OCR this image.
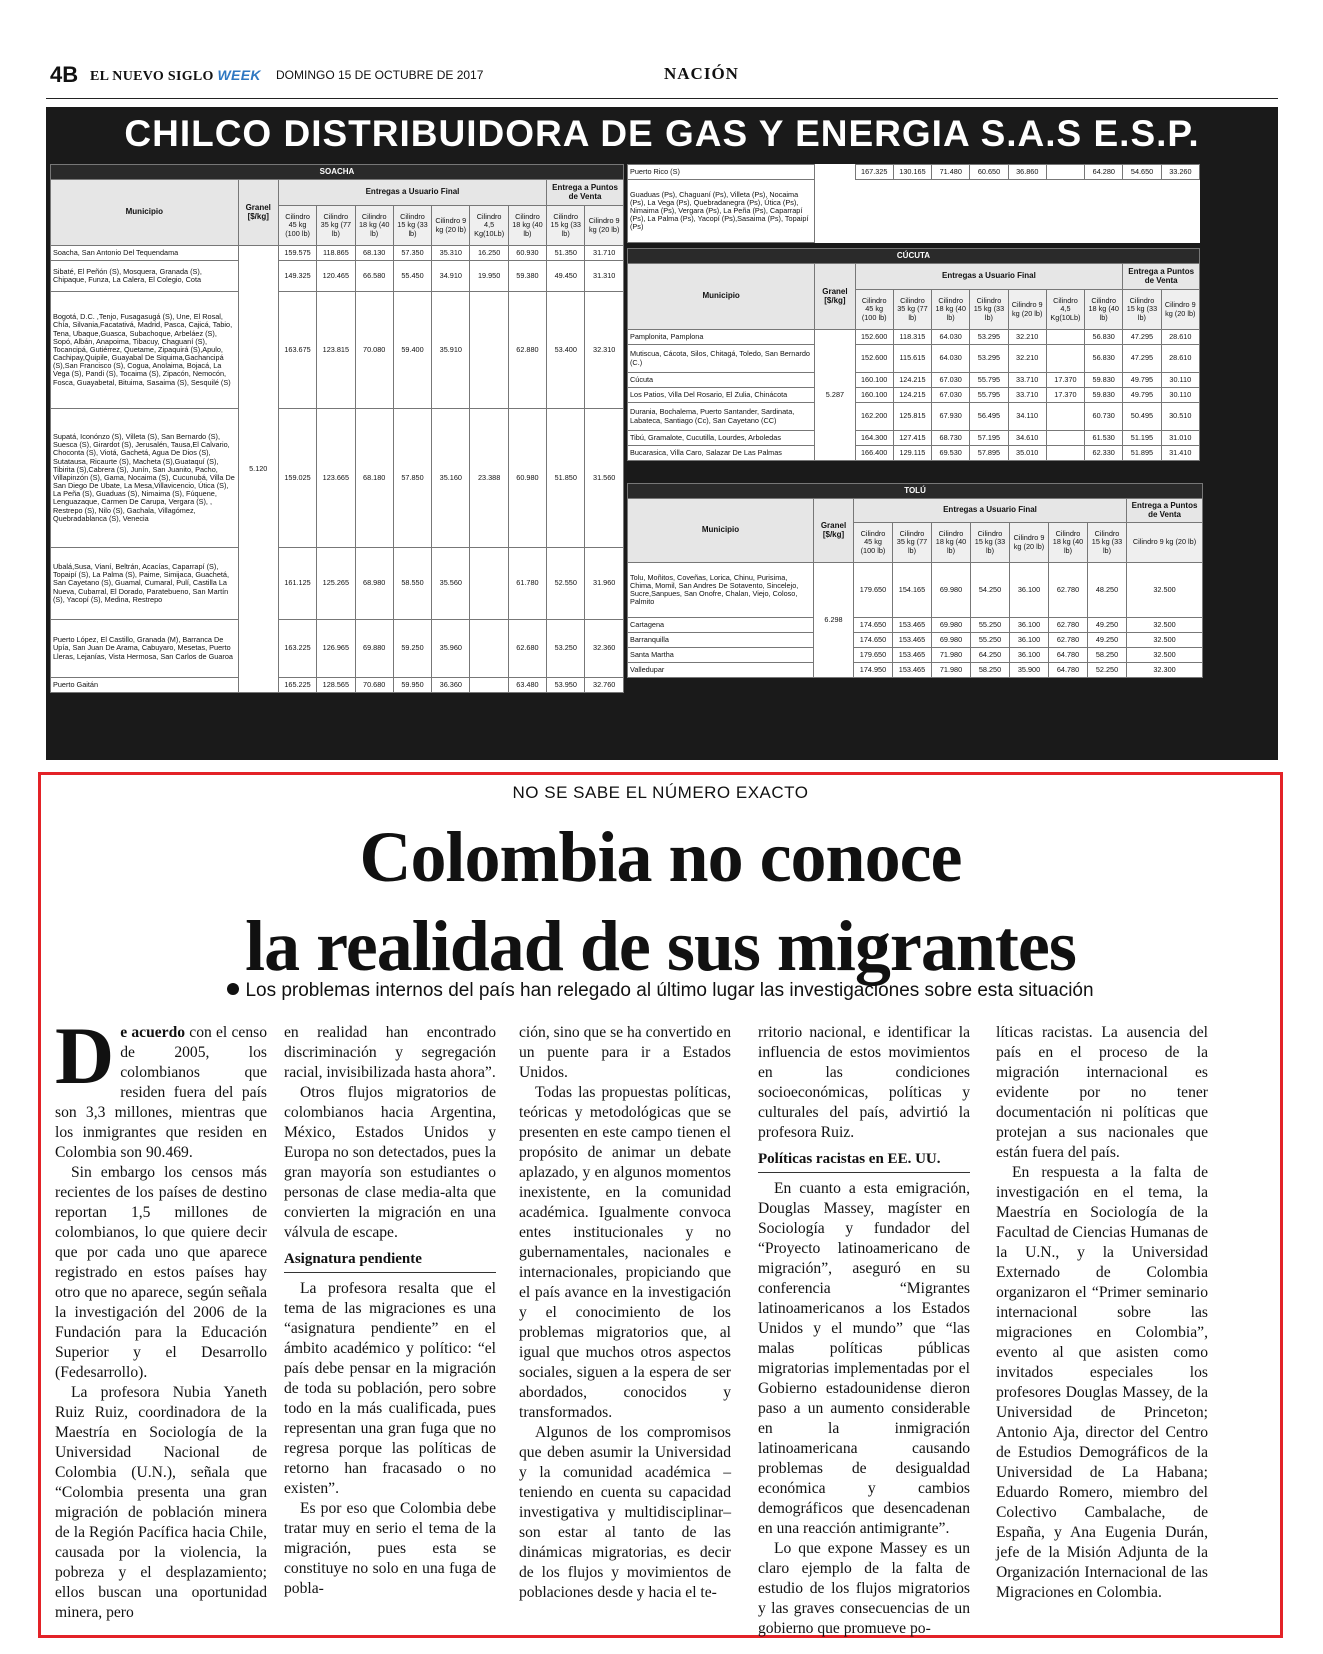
4B EL NUEVO SIGLO WEEK DOMINGO 15 DE OCTUBRE DE 2017	NACIÓN
CHILCO DISTRIBUIDORA DE GAS Y ENERGIA S.A.S E.S.P.
SOACHA										
Municipio	Granel [$/kg]	Entregas a Usuario Final							Entrega a Puntos de Venta	
		Cilindro 45 kg (100 lb)	Cilindro 35 kg (77 lb)	Cilindro 18 kg (40 lb)	Cilindro 15 kg (33 lb)	Cilindro 9 kg (20 lb)	Cilindro 4,5 Kg(10Lb)	Cilindro 18 kg (40 lb)	Cilindro 15 kg (33 lb)	Cilindro 9 kg (20 lb)
Soacha, San Antonio Del Tequendama	5.120	159.575	118.865	68.130	57.350	35.310	16.250	60.930	51.350	31.710
Sibaté, El Peñón (S), Mosquera, Granada (S), Chipaque, Funza, La Calera, El Colegio, Cota		149.325	120.465	66.580	55.450	34.910	19.950	59.380	49.450	31.310
Bogotá, D.C. ,Tenjo, Fusagasugá (S), Une, El Rosal, Chía, Silvania,Facatativá, Madrid, Pasca, Cajicá, Tabio, Tena, Ubaque,Guasca, Subachoque, Arbeláez (S), Sopó, Albán, Anapoima, Tibacuy, Chaguaní (S), Tocancipá, Gutiérrez, Quetame, Zipaquirá (S),Apulo, Cachipay,Quipile, Guayabal De Siquima,Gachancipá (S),San Francisco (S), Cogua, Anolaima, Bojacá, La Vega (S), Pandi (S), Tocaima (S), Zipacón, Nemocón, Fosca, Guayabetal, Bituima, Sasaima (S), Sesquilé (S)		163.675	123.815	70.080	59.400	35.910		62.880	53.400	32.310
Supatá, Iconónzo (S), Villeta (S), San Bernardo (S), Suesca (S), Girardot (S), Jerusalén, Tausa,El Calvario, Choconta (S), Viotá, Gachetá, Agua De Dios (S), Sutatausa, Ricaurte (S), Macheta (S),Guataquí (S), Tibirita (S),Cabrera (S), Junín, San Juanito, Pacho, Villapinzón (S), Gama, Nocaima (S), Cucunubá, Villa De San Diego De Ubate, La Mesa,Villavicencio, Útica (S), La Peña (S), Guaduas (S), Nimaima (S), Fúquene, Lenguazaque, Carmen De Carupa, Vergara (S), , Restrepo (S), Nilo (S), Gachala, Villagómez, Quebradablanca (S), Venecia		159.025	123.665	68.180	57.850	35.160	23.388	60.980	51.850	31.560
Ubalá,Susa, Vianí, Beltrán, Acacías, Caparrapí (S), Topaipí (S), La Palma (S), Paime, Simijaca, Guachetá, San Cayetano (S), Guamal, Cumaral, Pulí, Castilla La Nueva, Cubarral, El Dorado, Paratebueno, San Martín (S), Yacopí (S), Medina, Restrepo		161.125	125.265	68.980	58.550	35.560		61.780	52.550	31.960
Puerto López, El Castillo, Granada (M), Barranca De Upía, San Juan De Arama, Cabuyaro, Mesetas, Puerto Lleras, Lejanías, Vista Hermosa, San Carlos de Guaroa		163.225	126.965	69.880	59.250	35.960		62.680	53.250	32.360
Puerto Gaitán		165.225	128.565	70.680	59.950	36.360		63.480	53.950	32.760
Puerto Rico (S)		167.325	130.165	71.480	60.650	36.860		64.280	54.650	33.260
Guaduas (Ps), Chaguaní (Ps), Villeta (Ps), Nocaima (Ps), La Vega (Ps), Quebradanegra (Ps), Útica (Ps), Nimaima (Ps), Vergara (Ps), La Peña (Ps), Caparrapí (Ps), La Palma (Ps), Yacopí (Ps),Sasaima (Ps), Topaipí (Ps)										
CÚCUTA										
Municipio	Granel [$/kg]	Entregas a Usuario Final							Entrega a Puntos de Venta	
		Cilindro 45 kg (100 lb)	Cilindro 35 kg (77 lb)	Cilindro 18 kg (40 lb)	Cilindro 15 kg (33 lb)	Cilindro 9 kg (20 lb)	Cilindro 4,5 Kg(10Lb)	Cilindro 18 kg (40 lb)	Cilindro 15 kg (33 lb)	Cilindro 9 kg (20 lb)
Pamplonita, Pamplona	5.287	152.600	118.315	64.030	53.295	32.210		56.830	47.295	28.610
Mutiscua, Cácota, Silos, Chitagá, Toledo, San Bernardo (C.)		152.600	115.615	64.030	53.295	32.210		56.830	47.295	28.610
Cúcuta		160.100	124.215	67.030	55.795	33.710	17.370	59.830	49.795	30.110
Los Patios, Villa Del Rosario, El Zulia, Chinácota		160.100	124.215	67.030	55.795	33.710	17.370	59.830	49.795	30.110
Durania, Bochalema, Puerto Santander, Sardinata, Labateca, Santiago (Cc), San Cayetano (CC)		162.200	125.815	67.930	56.495	34.110		60.730	50.495	30.510
Tibú, Gramalote, Cucutilla, Lourdes, Arboledas		164.300	127.415	68.730	57.195	34.610		61.530	51.195	31.010
Bucarasica, Villa Caro, Salazar De Las Palmas		166.400	129.115	69.530	57.895	35.010		62.330	51.895	31.410
TOLÚ									
Municipio	Granel [$/kg]	Entregas a Usuario Final							Entrega a Puntos de Venta
		Cilindro 45 kg (100 lb)	Cilindro 35 kg (77 lb)	Cilindro 18 kg (40 lb)	Cilindro 15 kg (33 lb)	Cilindro 9 kg (20 lb)	Cilindro 18 kg (40 lb)	Cilindro 15 kg (33 lb)	Cilindro 9 kg (20 lb)
Tolu, Moñitos, Coveñas, Lorica, Chinu, Purisima, Chima, Momil, San Andres De Sotavento, Sincelejo, Sucre,Sanpues, San Onofre, Chalan, Viejo, Coloso, Palmito	6.298	179.650	154.165	69.980	54.250	36.100	62.780	48.250	32.500
Cartagena		174.650	153.465	69.980	55.250	36.100	62.780	49.250	32.500
Barranquilla		174.650	153.465	69.980	55.250	36.100	62.780	49.250	32.500
Santa Martha		179.650	153.465	71.980	64.250	36.100	64.780	58.250	32.500
Valledupar		174.950	153.465	71.980	58.250	35.900	64.780	52.250	32.300
NO SE SABE EL NÚMERO EXACTO
Colombia no conoce
la realidad de sus migrantes
Los problemas internos del país han relegado al último lugar las investigaciones sobre esta situación

De acuerdo con el censo de 2005, los colombianos que residen fuera del país son 3,3 millones, mientras que los inmigrantes que residen en Colombia son 90.469.

Sin embargo los censos más recientes de los países de destino reportan 1,5 millones de colombianos, lo que quiere decir que por cada uno que aparece registrado en estos países hay otro que no aparece, según señala la investigación del 2006 de la Fundación para la Educación Superior y el Desarrollo (Fedesarrollo).

La profesora Nubia Yaneth Ruiz Ruiz, coordinadora de la Maestría en Sociología de la Universidad Nacional de Colombia (U.N.), señala que “Colombia presenta una gran migración de población minera de la Región Pacífica hacia Chile, causada por la violencia, la pobreza y el desplazamiento; ellos buscan una oportunidad minera, pero

en realidad han encontrado discriminación y segregación racial, invisibilizada hasta ahora”.

Otros flujos migratorios de colombianos hacia Argentina, México, Estados Unidos y Europa no son detectados, pues la gran mayoría son estudiantes o personas de clase media-alta que convierten la migración en una válvula de escape.

Asignatura pendiente

La profesora resalta que el tema de las migraciones es una “asignatura pendiente” en el ámbito académico y político: “el país debe pensar en la migración de toda su población, pero sobre todo en la más cualificada, pues representan una gran fuga que no regresa porque las políticas de retorno han fracasado o no existen”.

Es por eso que Colombia debe tratar muy en serio el tema de la migración, pues esta se constituye no solo en una fuga de pobla-

ción, sino que se ha convertido en un puente para ir a Estados Unidos.

Todas las propuestas políticas, teóricas y metodológicas que se presenten en este campo tienen el propósito de animar un debate aplazado, y en algunos momentos inexistente, en la comunidad académica. Igualmente convoca entes institucionales y no gubernamentales, nacionales e internacionales, propiciando que el país avance en la investigación y el conocimiento de los problemas migratorios que, al igual que muchos otros aspectos sociales, siguen a la espera de ser abordados, conocidos y transformados.

Algunos de los compromisos que deben asumir la Universidad y la comunidad académica –teniendo en cuenta su capacidad investigativa y multidisciplinar– son estar al tanto de las dinámicas migratorias, es decir de los flujos y movimientos de poblaciones desde y hacia el te-

rritorio nacional, e identificar la influencia de estos movimientos en las condiciones socioeconómicas, políticas y culturales del país, advirtió la profesora Ruiz.

Políticas racistas en EE. UU.

En cuanto a esta emigración, Douglas Massey, magíster en Sociología y fundador del “Proyecto latinoamericano de migración”, aseguró en su conferencia “Migrantes latinoamericanos a los Estados Unidos y el mundo” que “las malas políticas públicas migratorias implementadas por el Gobierno estadounidense dieron paso a un aumento considerable en la inmigración latinoamericana causando problemas de desigualdad económica y cambios demográficos que desencadenan en una reacción antimigrante”.

Lo que expone Massey es un claro ejemplo de la falta de estudio de los flujos migratorios y las graves consecuencias de un gobierno que promueve po-

líticas racistas. La ausencia del país en el proceso de la migración internacional es evidente por no tener documentación ni políticas que protejan a sus nacionales que están fuera del país.

En respuesta a la falta de investigación en el tema, la Maestría en Sociología de la Facultad de Ciencias Humanas de la U.N., y la Universidad Externado de Colombia organizaron el “Primer seminario internacional sobre las migraciones en Colombia”, evento al que asisten como invitados especiales los profesores Douglas Massey, de la Universidad de Princeton; Antonio Aja, director del Centro de Estudios Demográficos de la Universidad de La Habana; Eduardo Romero, miembro del Colectivo Cambalache, de España, y Ana Eugenia Durán, jefe de la Misión Adjunta de la Organización Internacional de las Migraciones en Colombia.
